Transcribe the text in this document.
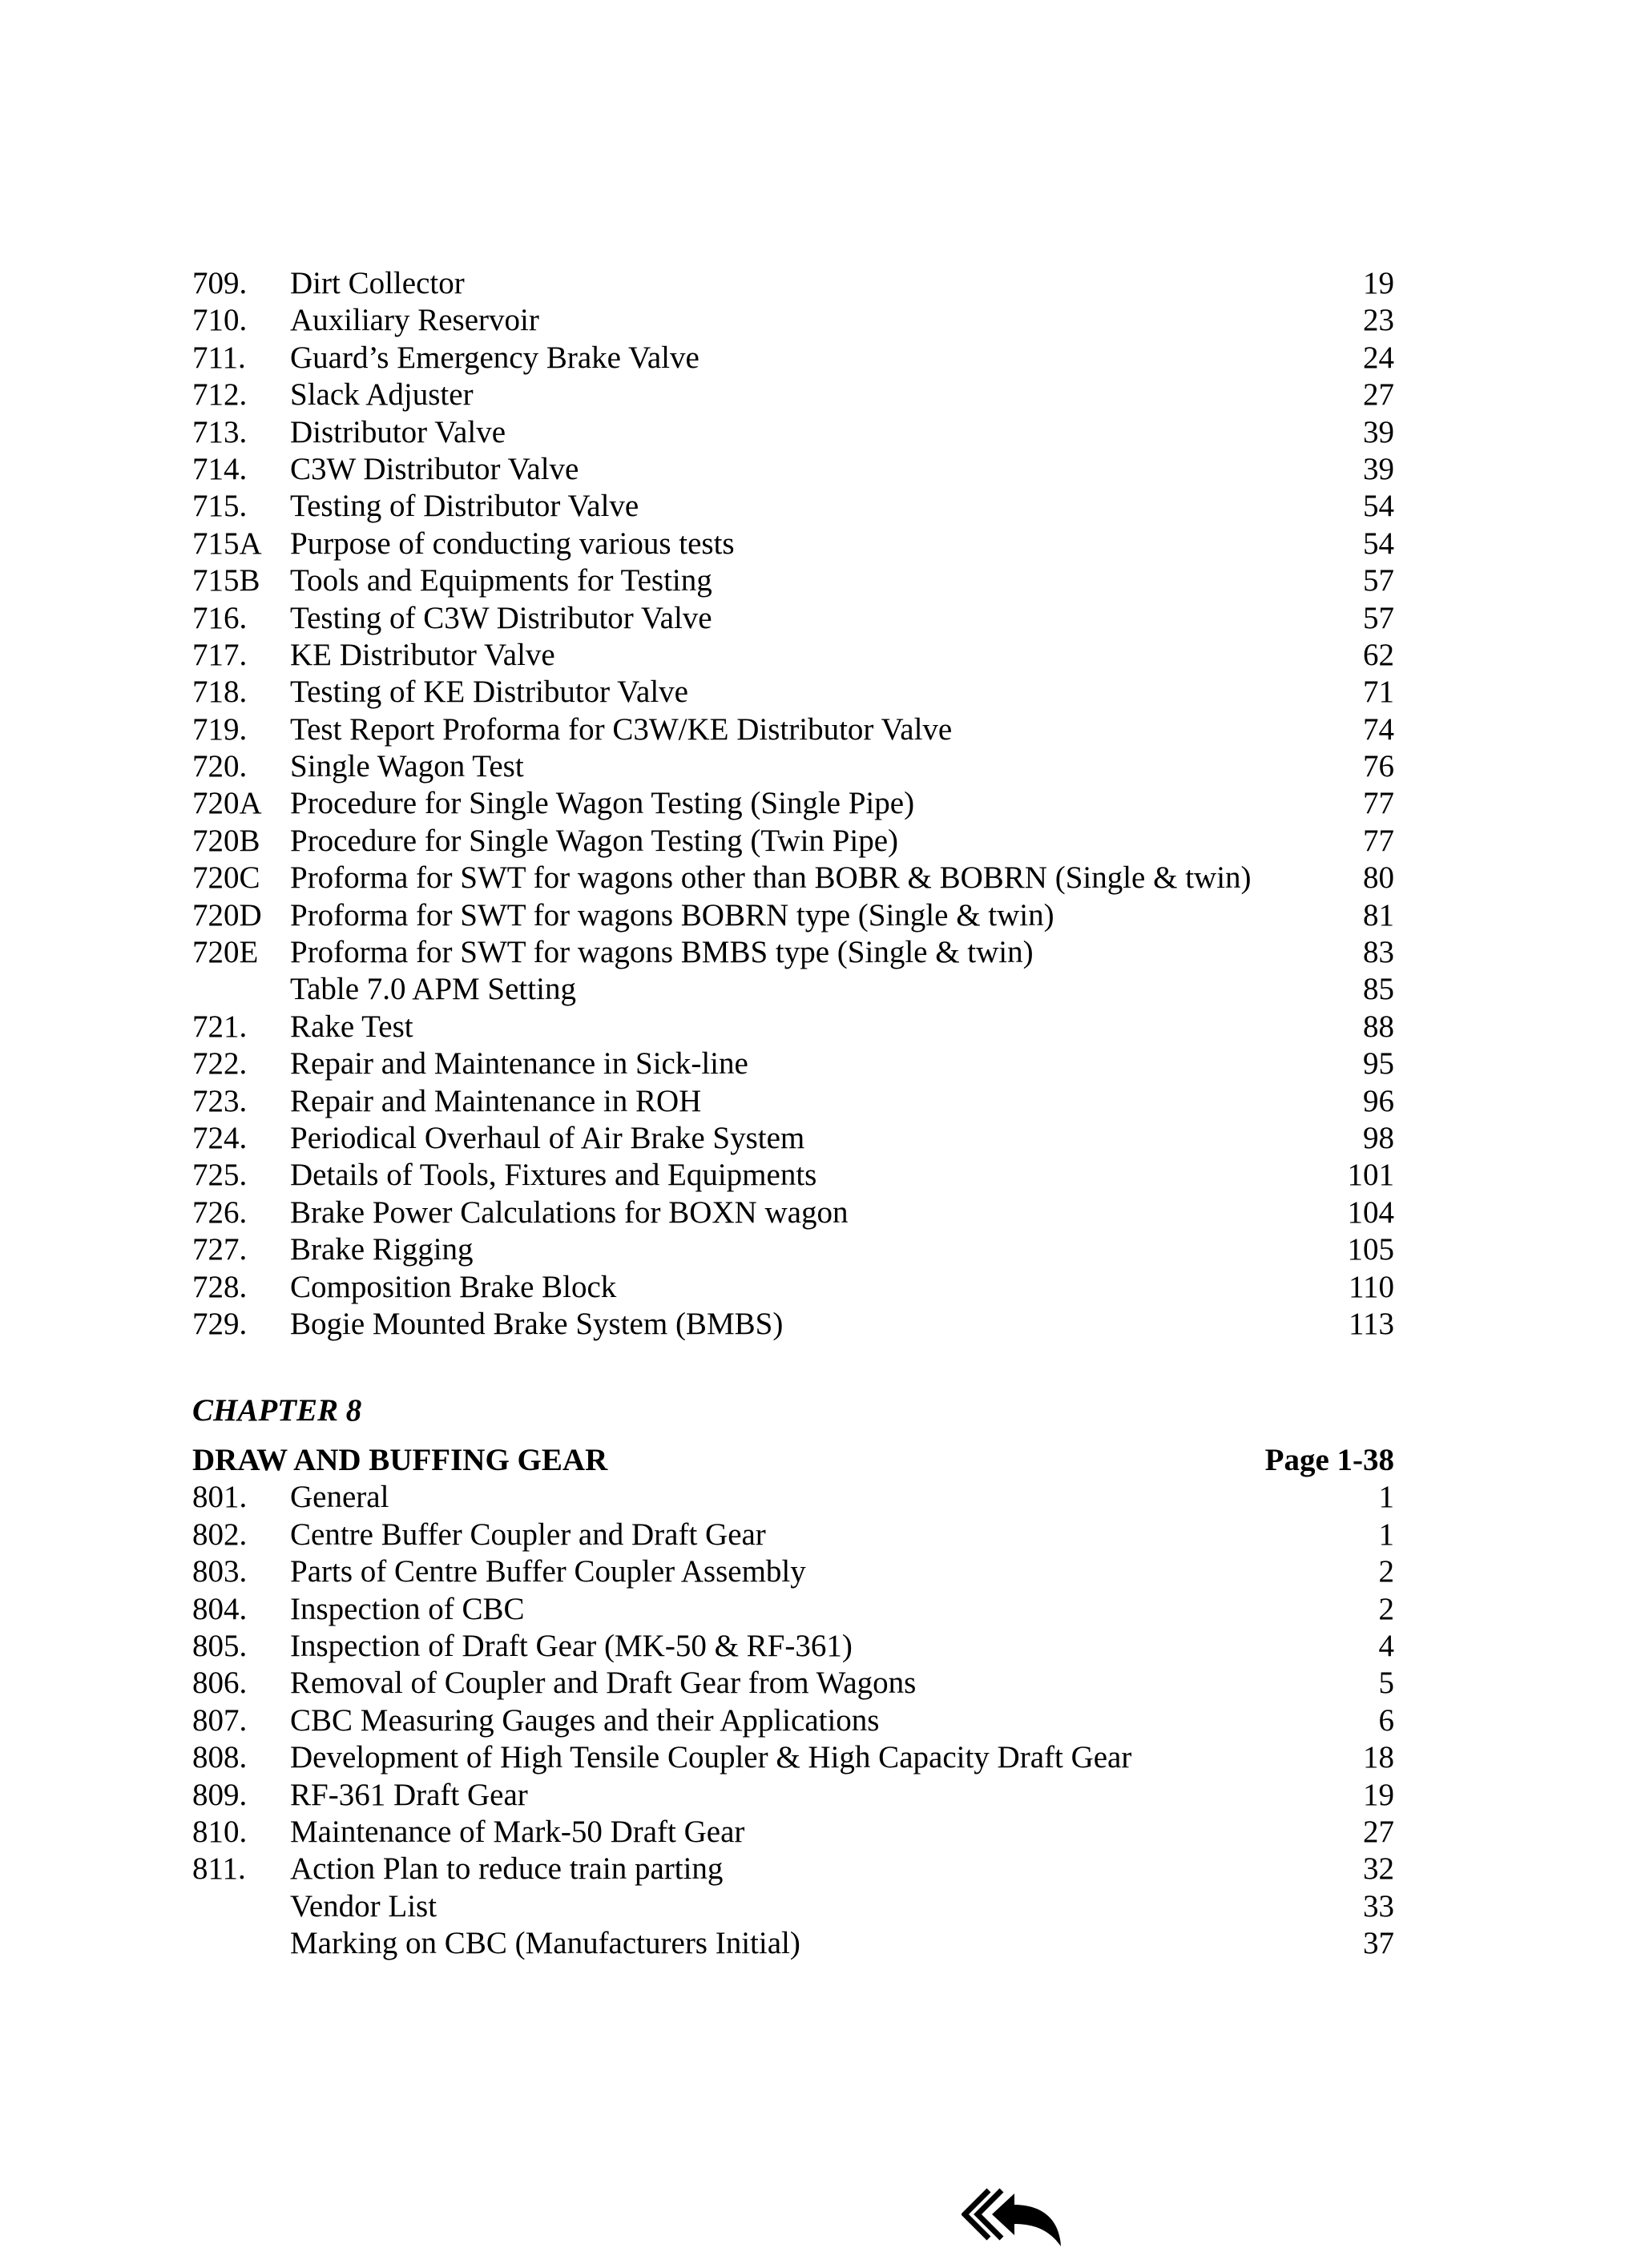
709. Dirt Collector	19
710. Auxiliary Reservoir	23
711. Guard’s Emergency Brake Valve	24
712. Slack Adjuster	27
713. Distributor Valve	39
714. C3W Distributor Valve	39
715. Testing of Distributor Valve	54
715A Purpose of conducting various tests	54
715B Tools and Equipments for Testing	57
716. Testing of C3W Distributor Valve	57
717. KE Distributor Valve	62
718. Testing of KE Distributor Valve	71
719. Test Report Proforma for C3W/KE Distributor Valve	74
720. Single Wagon Test	76
720A Procedure for Single Wagon Testing (Single Pipe)	77
720B Procedure for Single Wagon Testing (Twin Pipe)	77
720C Proforma for SWT for wagons other than BOBR & BOBRN (Single & twin)	80
720D Proforma for SWT for wagons BOBRN type (Single & twin)	81
720E Proforma for SWT for wagons BMBS type (Single & twin)	83
Table 7.0 APM Setting	85
721. Rake Test	88
722. Repair and Maintenance in Sick-line	95
723. Repair and Maintenance in ROH	96
724. Periodical Overhaul of Air Brake System	98
725. Details of Tools, Fixtures and Equipments	101
726. Brake Power Calculations for BOXN wagon	104
727. Brake Rigging	105
728. Composition Brake Block	110
729. Bogie Mounted Brake System (BMBS)	113
CHAPTER 8
DRAW AND BUFFING GEAR	Page 1-38
801. General	1
802. Centre Buffer Coupler and Draft Gear	1
803. Parts of Centre Buffer Coupler Assembly	2
804. Inspection of CBC	2
805. Inspection of Draft Gear (MK-50 & RF-361)	4
806. Removal of Coupler and Draft Gear from Wagons	5
807. CBC Measuring Gauges and their Applications	6
808. Development of High Tensile Coupler & High Capacity Draft Gear	18
809. RF-361 Draft Gear	19
810. Maintenance of Mark-50 Draft Gear	27
811. Action Plan to reduce train parting	32
Vendor List	33
Marking on CBC (Manufacturers Initial)	37
